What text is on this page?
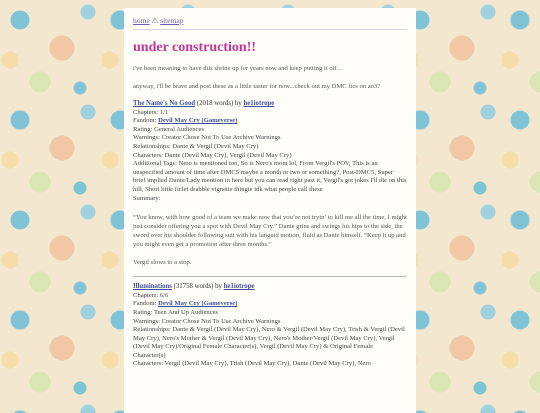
home ⚠ sitemap
under construction!!

i've been meaning to have this shrine up for years now and keep putting it off...

anyway, i'll be brave and post these as a little taster for now...check out my DMC fics on ao3?

The Name's No Good (2018 words) by he1iotrope
Chapters: 1/1
Fandom: Devil May Cry (Gameverse)
Rating: General Audiences
Warnings: Creator Chose Not To Use Archive Warnings
Relationships: Dante & Vergil (Devil May Cry)
Characters: Dante (Devil May Cry), Vergil (Devil May Cry)
Additional Tags: Nero is mentioned too, So is Nero's mom lol, From Vergil's POV, This is an unspecified amount of time after DMC5 maybe a month or two or something?, Post-DMC5, Super brief implied Dante/Lady mention in here but you can read right past it, Vergil's got jokes I'll die on this hill, Short little ficlet drabble vignette thingie idk what people call these
Summary:

“You know, with how good of a team we make now that you’re not tryin’ to kill me all the time, I might just consider offering you a spot with Devil May Cry.” Dante grins and swings his hips to the side, the sword over his shoulder following suit with his languid motion, fluid as Dante himself. “Keep it up and you might even get a promotion after three months.”

Vergil slows to a stop.

Illuminations (31758 words) by he1iotrope
Chapters: 6/6
Fandom: Devil May Cry (Gameverse)
Rating: Teen And Up Audiences
Warnings: Creator Chose Not To Use Archive Warnings
Relationships: Dante & Vergil (Devil May Cry), Nero & Vergil (Devil May Cry), Trish & Vergil (Devil May Cry), Nero's Mother & Vergil (Devil May Cry), Nero's Mother/Vergil (Devil May Cry), Vergil (Devil May Cry)/Original Female Character(s), Vergil (Devil May Cry) & Original Female Character(s)
Characters: Vergil (Devil May Cry), Trish (Devil May Cry), Dante (Devil May Cry), Nero
